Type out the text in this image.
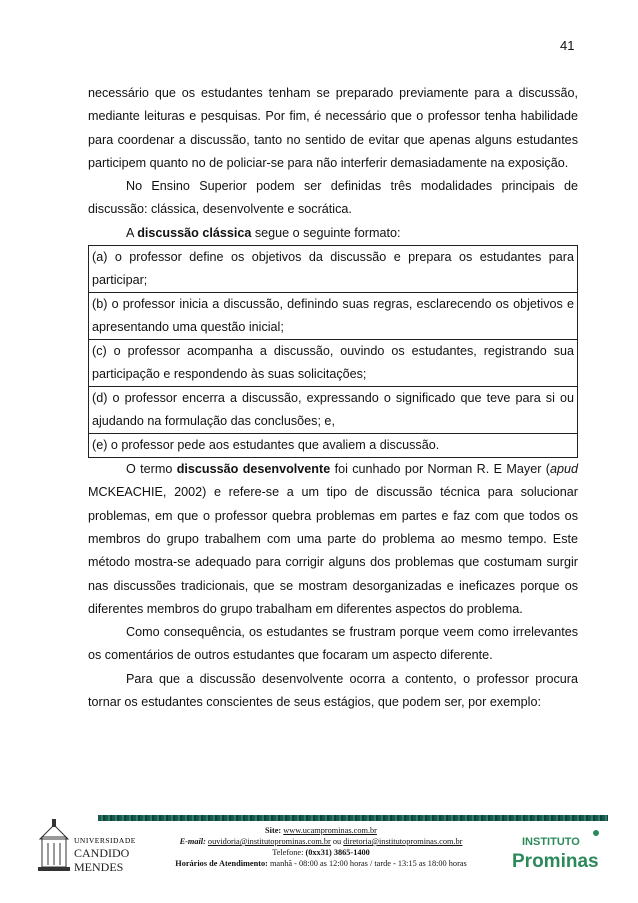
41

necessário que os estudantes tenham se preparado previamente para a discussão, mediante leituras e pesquisas. Por fim, é necessário que o professor tenha habilidade para coordenar a discussão, tanto no sentido de evitar que apenas alguns estudantes participem quanto no de policiar-se para não interferir demasiadamente na exposição.

No Ensino Superior podem ser definidas três modalidades principais de discussão: clássica, desenvolvente e socrática.

A discussão clássica segue o seguinte formato:

(a) o professor define os objetivos da discussão e prepara os estudantes para participar;
(b) o professor inicia a discussão, definindo suas regras, esclarecendo os objetivos e apresentando uma questão inicial;
(c) o professor acompanha a discussão, ouvindo os estudantes, registrando sua participação e respondendo às suas solicitações;
(d) o professor encerra a discussão, expressando o significado que teve para si ou ajudando na formulação das conclusões; e,
(e) o professor pede aos estudantes que avaliem a discussão.

O termo discussão desenvolvente foi cunhado por Norman R. E Mayer (apud MCKEACHIE, 2002) e refere-se a um tipo de discussão técnica para solucionar problemas, em que o professor quebra problemas em partes e faz com que todos os membros do grupo trabalhem com uma parte do problema ao mesmo tempo. Este método mostra-se adequado para corrigir alguns dos problemas que costumam surgir nas discussões tradicionais, que se mostram desorganizadas e ineficazes porque os diferentes membros do grupo trabalham em diferentes aspectos do problema.

Como consequência, os estudantes se frustram porque veem como irrelevantes os comentários de outros estudantes que focaram um aspecto diferente.

Para que a discussão desenvolvente ocorra a contento, o professor procura tornar os estudantes conscientes de seus estágios, que podem ser, por exemplo:

UNIVERSIDADE
CANDIDO
MENDES
Site: www.ucamprominas.com.br
E-mail: ouvidoria@institutoprominas.com.br ou diretoria@institutoprominas.com.br
Telefone: (0xx31) 3865-1400
Horários de Atendimento: manhã - 08:00 as 12:00 horas / tarde - 13:15 as 18:00 horas
INSTITUTO
Prominas
